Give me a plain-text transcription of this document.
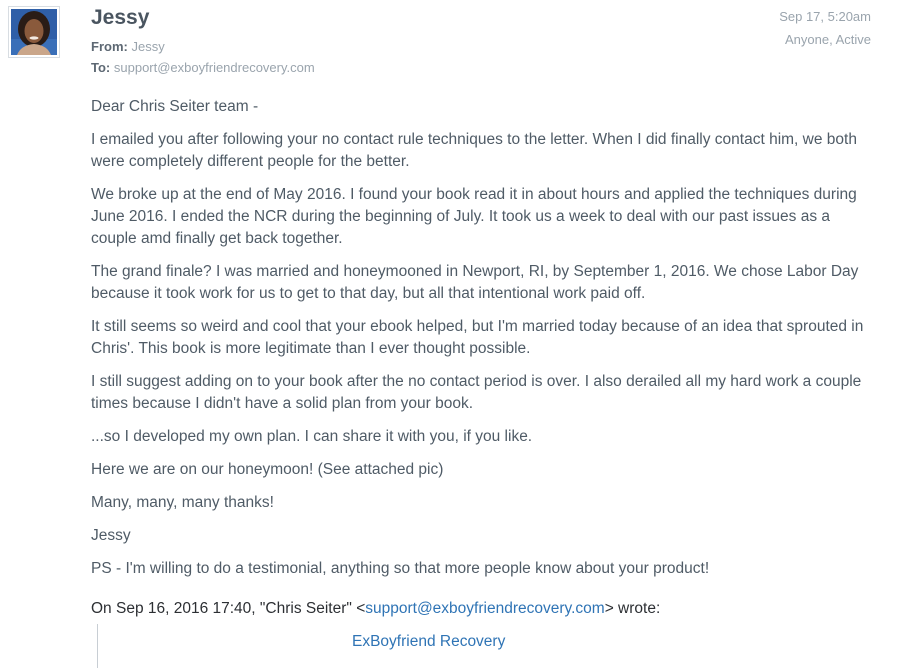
Jessy
From: Jessy
To: support@exboyfriendrecovery.com
Sep 17, 5:20am
Anyone, Active

Dear Chris Seiter team -

I emailed you after following your no contact rule techniques to the letter. When I did finally contact him, we both were completely different people for the better.

We broke up at the end of May 2016. I found your book read it in about hours and applied the techniques during June 2016. I ended the NCR during the beginning of July. It took us a week to deal with our past issues as a couple amd finally get back together.

The grand finale? I was married and honeymooned in Newport, RI, by September 1, 2016. We chose Labor Day because it took work for us to get to that day, but all that intentional work paid off.

It still seems so weird and cool that your ebook helped, but I'm married today because of an idea that sprouted in Chris'. This book is more legitimate than I ever thought possible.

I still suggest adding on to your book after the no contact period is over. I also derailed all my hard work a couple times because I didn't have a solid plan from your book.

...so I developed my own plan. I can share it with you, if you like.

Here we are on our honeymoon! (See attached pic)

Many, many, many thanks!

Jessy

PS - I'm willing to do a testimonial, anything so that more people know about your product!

On Sep 16, 2016 17:40, "Chris Seiter" <support@exboyfriendrecovery.com> wrote:
ExBoyfriend Recovery
